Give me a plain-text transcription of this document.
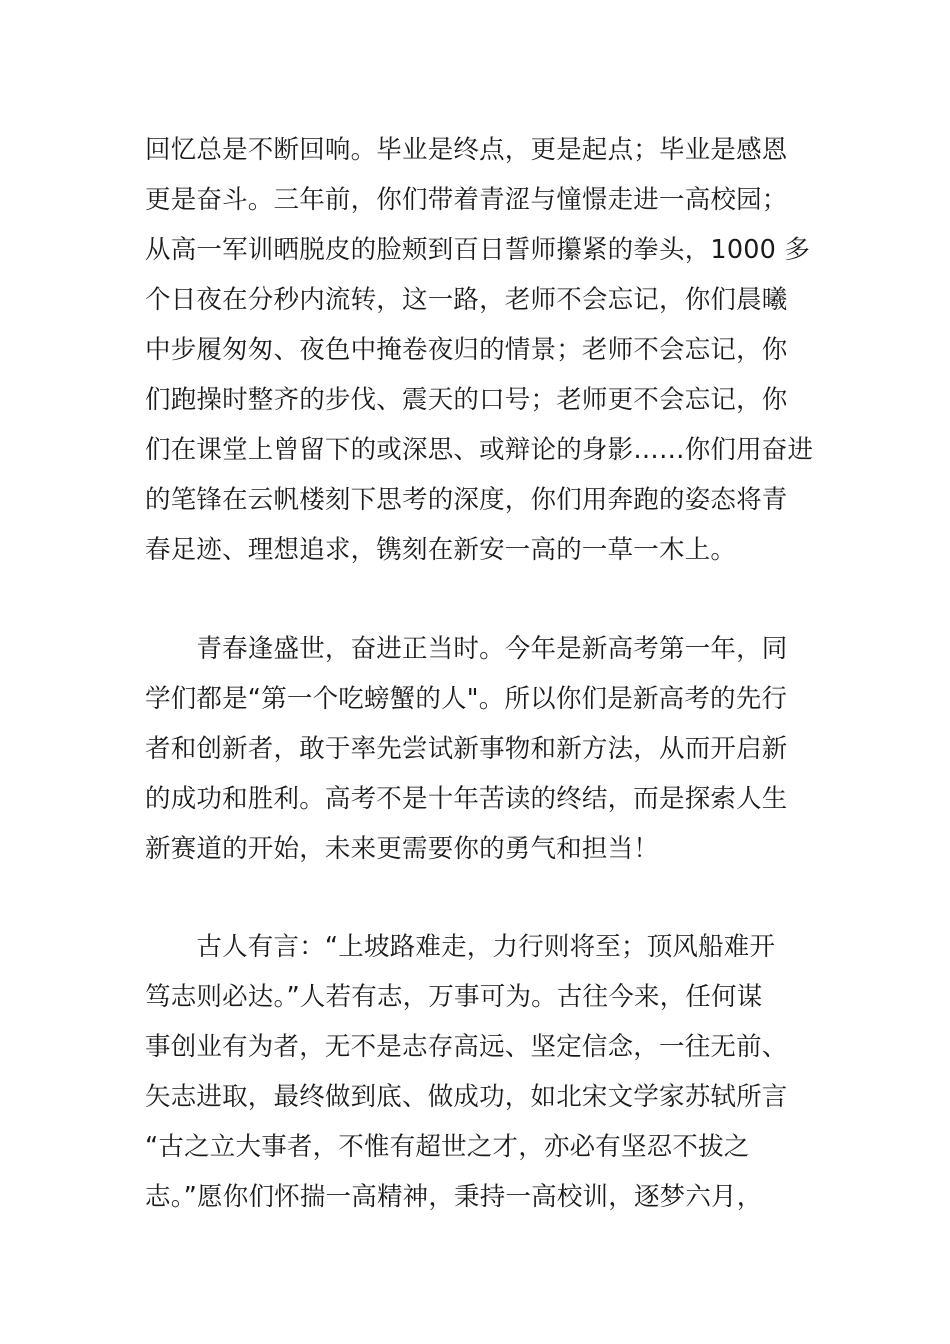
回忆总是不断回响。毕业是终点，更是起点；毕业是感恩
更是奋斗。三年前，你们带着青涩与憧憬走进一高校园；
从高一军训晒脱皮的脸颊到百日誓师攥紧的拳头，1000 多
个日夜在分秒内流转，这一路，老师不会忘记，你们晨曦
中步履匆匆、夜色中掩卷夜归的情景；老师不会忘记，你
们跑操时整齐的步伐、震天的口号；老师更不会忘记，你
们在课堂上曾留下的或深思、或辩论的身影……你们用奋进
的笔锋在云帆楼刻下思考的深度，你们用奔跑的姿态将青
春足迹、理想追求，镌刻在新安一高的一草一木上。
　　青春逢盛世，奋进正当时。今年是新高考第一年，同
学们都是“第一个吃螃蟹的人"。所以你们是新高考的先行
者和创新者，敢于率先尝试新事物和新方法，从而开启新
的成功和胜利。高考不是十年苦读的终结，而是探索人生
新赛道的开始，未来更需要你的勇气和担当！
　　古人有言：“上坡路难走，力行则将至；顶风船难开
笃志则必达。”人若有志，万事可为。古往今来，任何谋
事创业有为者，无不是志存高远、坚定信念，一往无前、
矢志进取，最终做到底、做成功，如北宋文学家苏轼所言
“古之立大事者，不惟有超世之才，亦必有坚忍不拔之
志。”愿你们怀揣一高精神，秉持一高校训，逐梦六月，
